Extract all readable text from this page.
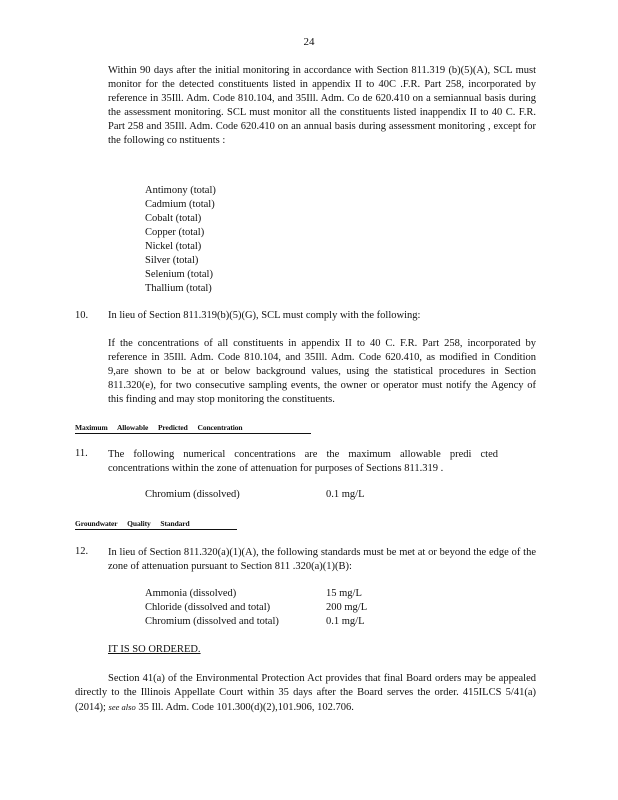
24

Within 90 days after the initial monitoring in accordance with Section 811.319 (b)(5)(A), SCL must monitor for the detected constituents listed in appendix II to 40C .F.R. Part 258, incorporated by reference in 35Ill. Adm. Code 810.104, and 35Ill. Adm. Co de 620.410 on a semiannual basis during the assessment monitoring. SCL must monitor all the constituents listed inappendix II to 40 C. F.R. Part 258 and 35Ill. Adm. Code 620.410 on an annual basis during assessment monitoring , except for the following co nstituents :

Antimony (total)
Cadmium (total)
Cobalt (total)
Copper (total)
Nickel (total)
Silver (total)
Selenium (total)
Thallium (total)
10. In lieu of Section 811.319(b)(5)(G), SCL must comply with the following:

If the concentrations of all constituents in appendix II to 40 C. F.R. Part 258, incorporated by reference in 35Ill. Adm. Code 810.104, and 35Ill. Adm. Code 620.410, as modified in Condition 9,are shown to be at or below background values, using the statistical procedures in Section 811.320(e), for two consecutive sampling events, the owner or operator must notify the Agency of this finding and may stop monitoring the constituents.

Maximum Allowable Predicted Concentration
11. The following numerical concentrations are the maximum allowable predi cted concentrations within the zone of attenuation for purposes of Sections 811.319 .

Chromium (dissolved)	0.1 mg/L
Groundwater Quality Standard
12. In lieu of Section 811.320(a)(1)(A), the following standards must be met at or beyond the edge of the zone of attenuation pursuant to Section 811 .320(a)(1)(B):

Ammonia (dissolved)	15 mg/L
Chloride (dissolved and total)	200 mg/L
Chromium (dissolved and total)	0.1 mg/L
IT IS SO ORDERED.

Section 41(a) of the Environmental Protection Act provides that final Board orders may be appealed directly to the Illinois Appellate Court within 35 days after the Board serves the order. 415ILCS 5/41(a) (2014); see also 35 Ill. Adm. Code 101.300(d)(2),101.906, 102.706.
